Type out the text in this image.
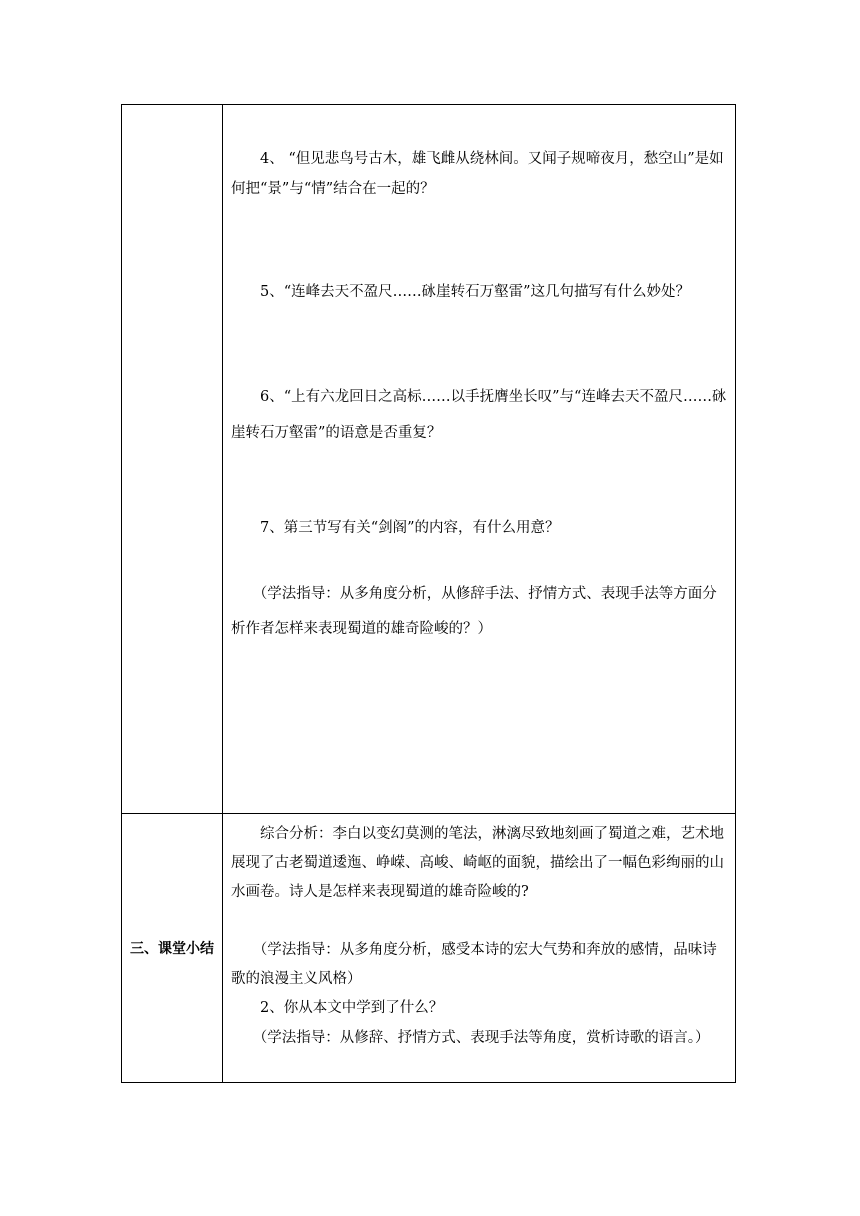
	　　4、 “但见悲鸟号古木，雄飞雌从绕林间。又闻子规啼夜月，愁空山”是如何把“景”与“情”结合在一起的？

　　5、“连峰去天不盈尺……砯崖转石万壑雷”这几句描写有什么妙处？

　　6、“上有六龙回日之高标……以手抚膺坐长叹”与“连峰去天不盈尺……砯崖转石万壑雷”的语意是否重复？

　　7、第三节写有关“剑阁”的内容，有什么用意？

　　（学法指导：从多角度分析，从修辞手法、抒情方式、表现手法等方面分析作者怎样来表现蜀道的雄奇险峻的？）

三、课堂小结	　　综合分析：李白以变幻莫测的笔法，淋漓尽致地刻画了蜀道之难，艺术地展现了古老蜀道逶迤、峥嵘、高峻、崎岖的面貌，描绘出了一幅色彩绚丽的山水画卷。诗人是怎样来表现蜀道的雄奇险峻的?

　　（学法指导：从多角度分析，感受本诗的宏大气势和奔放的感情，品味诗歌的浪漫主义风格）

　　2、你从本文中学到了什么？

　　（学法指导：从修辞、抒情方式、表现手法等角度，赏析诗歌的语言。）
